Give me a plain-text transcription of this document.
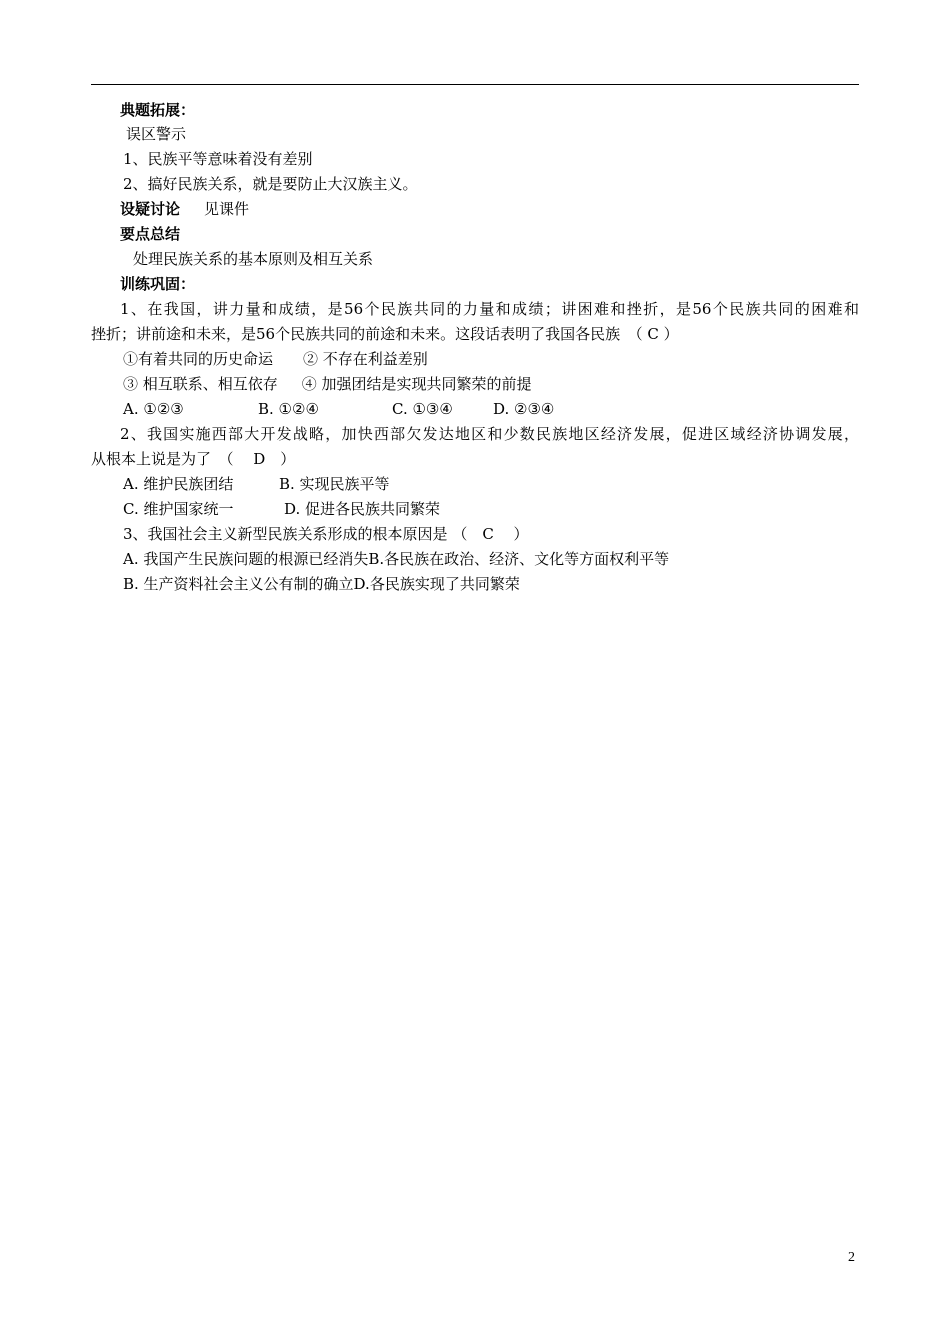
典题拓展：
误区警示
1、民族平等意味着没有差别
2、搞好民族关系，就是要防止大汉族主义。
设疑讨论 见课件
要点总结
处理民族关系的基本原则及相互关系
训练巩固：
1、在我国，讲力量和成绩，是56个民族共同的力量和成绩；讲困难和挫折，是56个民族共同的困难和
挫折；讲前途和未来，是56个民族共同的前途和未来。这段话表明了我国各民族　（ C ）
①有着共同的历史命运 ② 不存在利益差别
③ 相互联系、相互依存 ④ 加强团结是实现共同繁荣的前提
A. ①②③	B. ①②④	C. ①③④	D. ②③④
2、我国实施西部大开发战略，加快西部欠发达地区和少数民族地区经济发展，促进区域经济协调发展，
从根本上说是为了　（　 D　）
A. 维护民族团结	B. 实现民族平等
C. 维护国家统一	D. 促进各民族共同繁荣
3、我国社会主义新型民族关系形成的根本原因是 （　C　 ）
A. 我国产生民族问题的根源已经消失B.各民族在政治、经济、文化等方面权利平等
B. 生产资料社会主义公有制的确立D.各民族实现了共同繁荣
2
